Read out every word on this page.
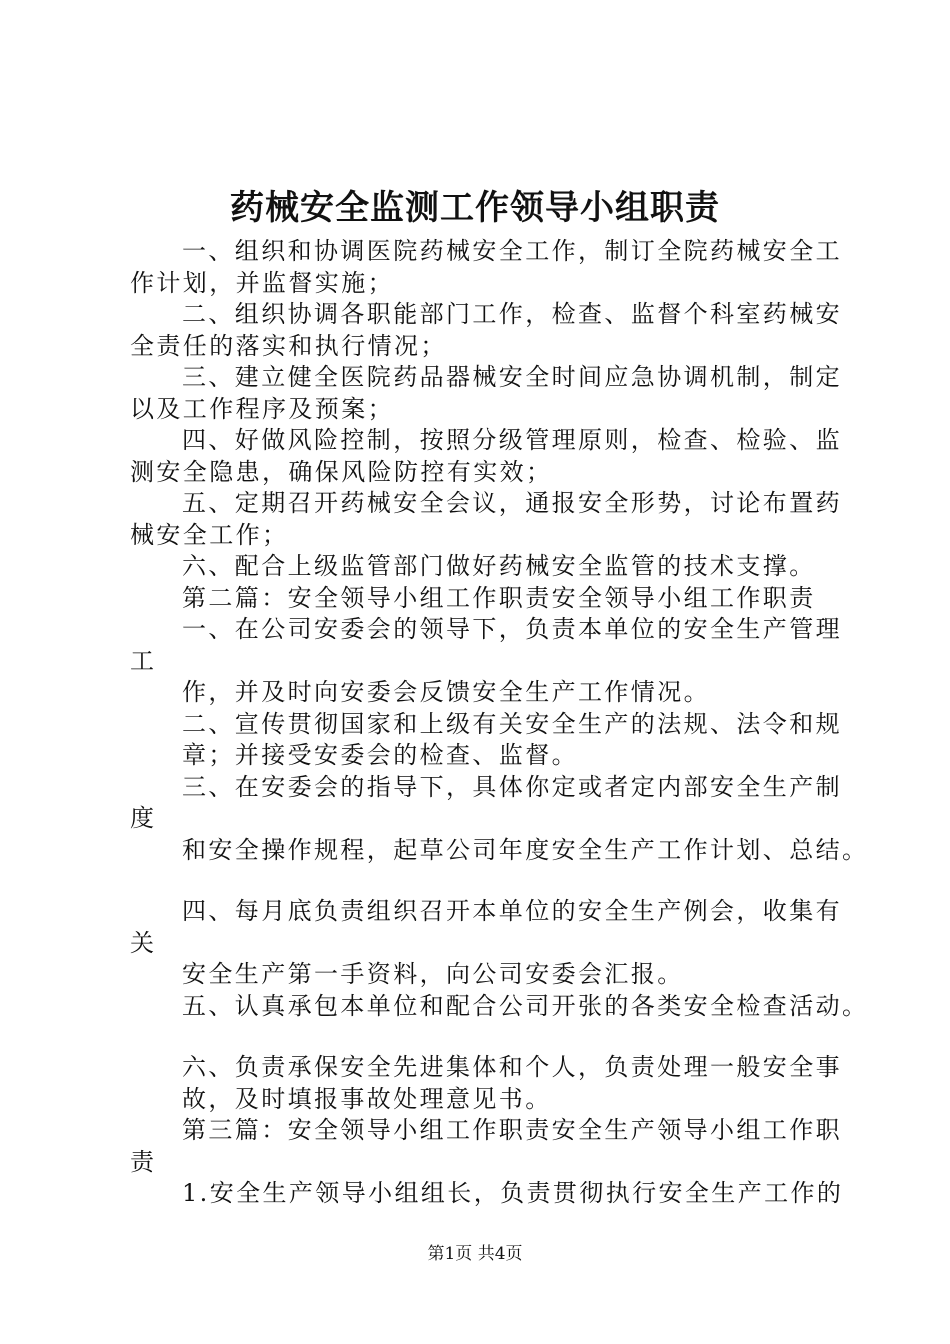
药械安全监测工作领导小组职责

一、组织和协调医院药械安全工作，制订全院药械安全工

作计划，并监督实施；

二、组织协调各职能部门工作，检查、监督个科室药械安

全责任的落实和执行情况；

三、建立健全医院药品器械安全时间应急协调机制，制定

以及工作程序及预案；

四、好做风险控制，按照分级管理原则，检查、检验、监

测安全隐患，确保风险防控有实效；

五、定期召开药械安全会议，通报安全形势，讨论布置药

械安全工作；

六、配合上级监管部门做好药械安全监管的技术支撑。

第二篇：安全领导小组工作职责安全领导小组工作职责

一、在公司安委会的领导下，负责本单位的安全生产管理

工

作，并及时向安委会反馈安全生产工作情况。

二、宣传贯彻国家和上级有关安全生产的法规、法令和规

章；并接受安委会的检查、监督。

三、在安委会的指导下，具体你定或者定内部安全生产制

度

和安全操作规程，起草公司年度安全生产工作计划、总结。

四、每月底负责组织召开本单位的安全生产例会，收集有

关

安全生产第一手资料，向公司安委会汇报。

五、认真承包本单位和配合公司开张的各类安全检查活动。

六、负责承保安全先进集体和个人，负责处理一般安全事

故，及时填报事故处理意见书。

第三篇：安全领导小组工作职责安全生产领导小组工作职

责

1.安全生产领导小组组长，负责贯彻执行安全生产工作的

第1页 共4页
